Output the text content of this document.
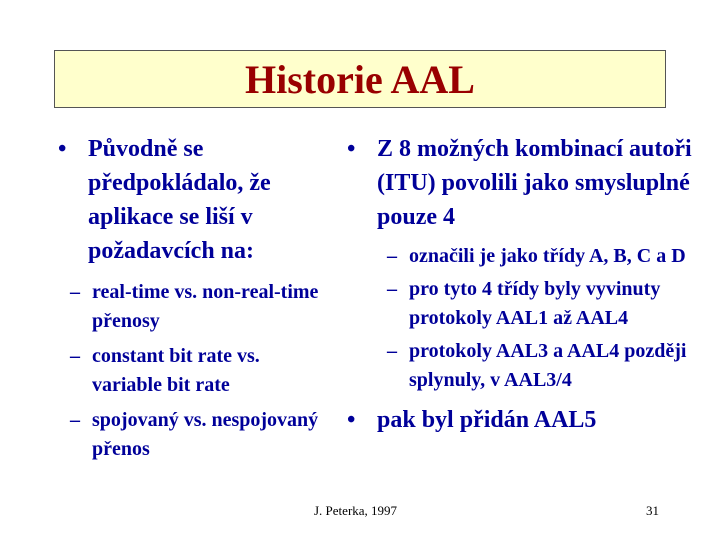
Historie AAL

• Původně se předpokládalo, že aplikace se liší v požadavcích na:

– real-time vs. non-real-time přenosy

– constant bit rate vs. variable bit rate

– spojovaný vs. nespojovaný přenos

• Z 8 možných kombinací autoři (ITU) povolili jako smysluplné pouze 4

– označili je jako třídy A, B, C a D

– pro tyto 4 třídy byly vyvinuty protokoly AAL1 až AAL4

– protokoly AAL3 a AAL4 později splynuly, v AAL3/4

• pak byl přidán AAL5

J. Peterka, 1997	31
